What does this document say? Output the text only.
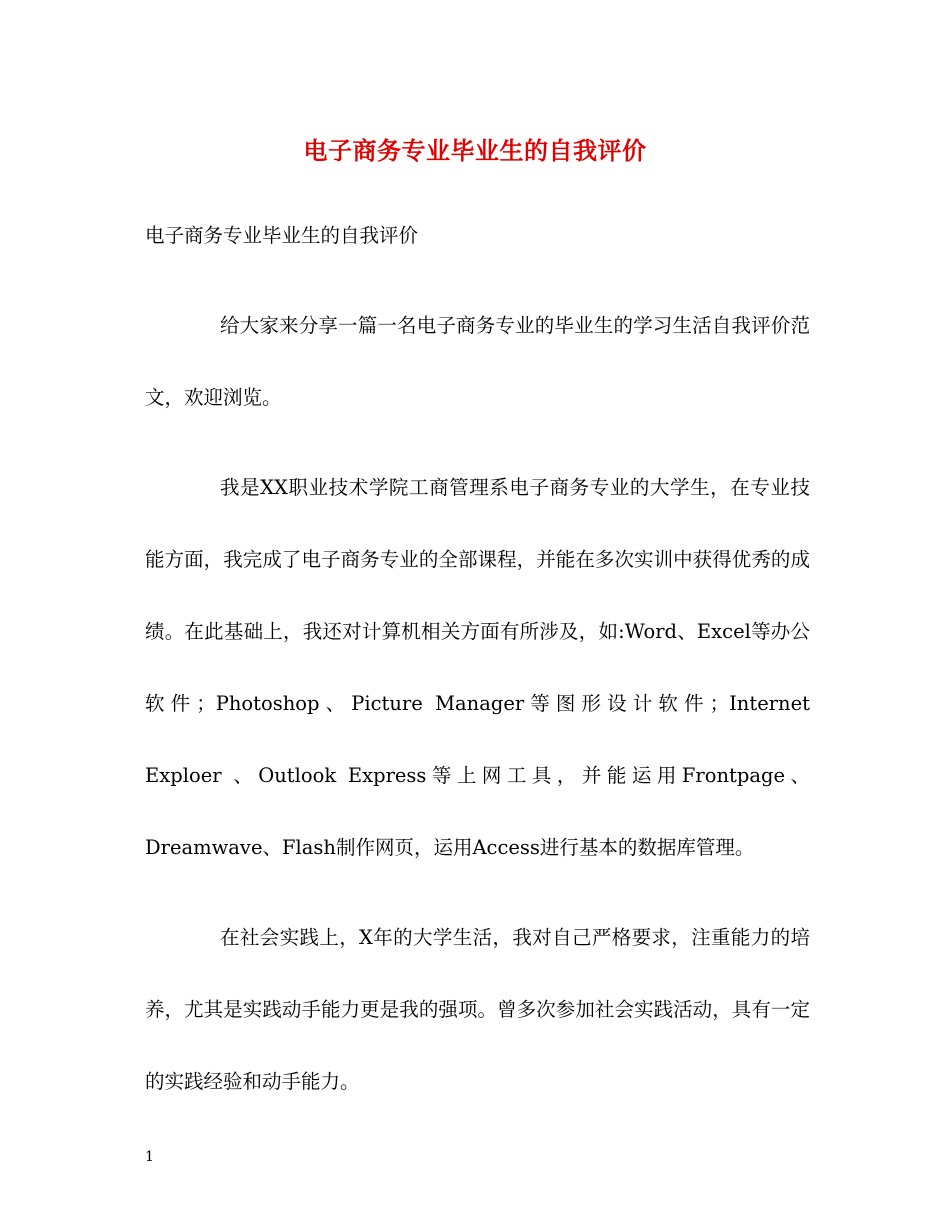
电子商务专业毕业生的自我评价
电子商务专业毕业生的自我评价
给大家来分享一篇一名电子商务专业的毕业生的学习生活自我评价范文，欢迎浏览。
我是XX职业技术学院工商管理系电子商务专业的大学生，在专业技能方面，我完成了电子商务专业的全部课程，并能在多次实训中获得优秀的成绩。在此基础上，我还对计算机相关方面有所涉及，如:Word、Excel等办公软件；Photoshop、Picture Manager等图形设计软件；Internet Exploer 、Outlook Express等上网工具，并能运用Frontpage、Dreamwave、Flash制作网页，运用Access进行基本的数据库管理。
在社会实践上，X年的大学生活，我对自己严格要求，注重能力的培养，尤其是实践动手能力更是我的强项。曾多次参加社会实践活动，具有一定的实践经验和动手能力。
1
